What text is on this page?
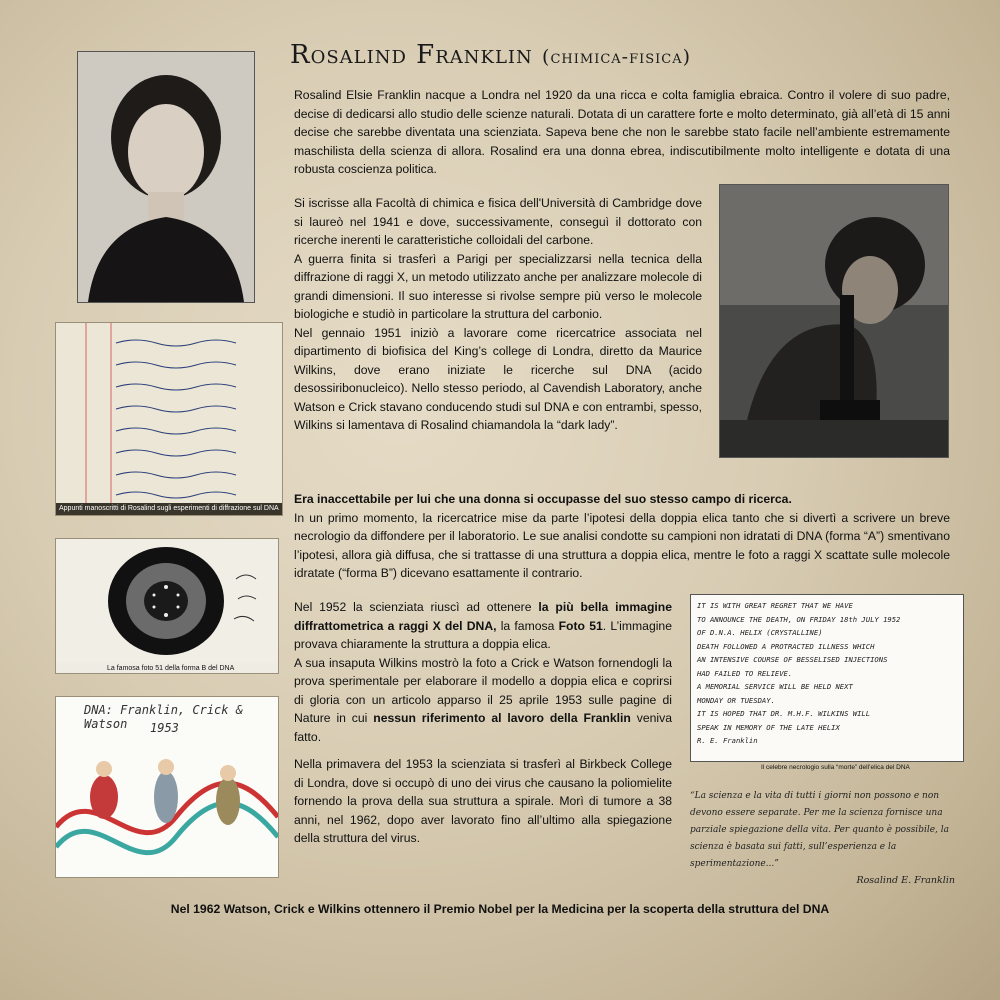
Rosalind Franklin (chimica-fisica)
Rosalind Elsie Franklin nacque a Londra nel 1920 da una ricca e colta famiglia ebraica. Contro il volere di suo padre, decise di dedicarsi allo studio delle scienze naturali. Dotata di un carattere forte e molto determinato, già all’età di 15 anni decise che sarebbe diventata una scienziata. Sapeva bene che non le sarebbe stato facile nell’ambiente estremamente maschilista della scienza di allora. Rosalind era una donna ebrea, indiscutibilmente molto intelligente e dotata di una robusta coscienza politica.
Si iscrisse alla Facoltà di chimica e fisica dell'Università di Cambridge dove si laureò nel 1941 e dove, successivamente, conseguì il dottorato con ricerche inerenti le caratteristiche colloidali del carbone.
A guerra finita si trasferì a Parigi per specializzarsi nella tecnica della diffrazione di raggi X, un metodo utilizzato anche per analizzare molecole di grandi dimensioni. Il suo interesse si rivolse sempre più verso le molecole biologiche e studiò in particolare la struttura del carbonio.
Nel gennaio 1951 iniziò a lavorare come ricercatrice associata nel dipartimento di biofisica del King’s college di Londra, diretto da Maurice Wilkins, dove erano iniziate le ricerche sul DNA (acido desossiribonucleico). Nello stesso periodo, al Cavendish Laboratory, anche Watson e Crick stavano conducendo studi sul DNA e con entrambi, spesso, Wilkins si lamentava di Rosalind chiamandola la “dark lady”.
Appunti manoscritti di Rosalind sugli esperimenti di diffrazione sul DNA
Era inaccettabile per lui che una donna si occupasse del suo stesso campo di ricerca.
In un primo momento, la ricercatrice mise da parte l’ipotesi della doppia elica tanto che si divertì a scrivere un breve necrologio da diffondere per il laboratorio. Le sue analisi condotte su campioni non idratati di DNA (forma “A”) smentivano l’ipotesi, allora già diffusa, che si trattasse di una struttura a doppia elica, mentre le foto a raggi X scattate sulle molecole idratate (“forma B”) dicevano esattamente il contrario.
La famosa foto 51 della forma B del DNA
Nel 1952 la scienziata riuscì ad ottenere la più bella immagine diffrattometrica a raggi X del DNA, la famosa Foto 51. L’immagine provava chiaramente la struttura a doppia elica.
A sua insaputa Wilkins mostrò la foto a Crick e Watson fornendogli la prova sperimentale per elaborare il modello a doppia elica e coprirsi di gloria con un articolo apparso il 25 aprile 1953 sulle pagine di Nature in cui nessun riferimento al lavoro della Franklin veniva fatto.
IT IS WITH GREAT REGRET THAT WE HAVE
TO ANNOUNCE THE DEATH, ON FRIDAY 18th JULY 1952
OF D.N.A. HELIX (CRYSTALLINE)
DEATH FOLLOWED A PROTRACTED ILLNESS WHICH
AN INTENSIVE COURSE OF BESSELISED INJECTIONS
HAD FAILED TO RELIEVE.
A MEMORIAL SERVICE WILL BE HELD NEXT
MONDAY OR TUESDAY.
IT IS HOPED THAT DR. M.H.F. WILKINS WILL
SPEAK IN MEMORY OF THE LATE HELIX
R. E. Franklin
Il celebre necrologio sulla “morte” dell’elica del DNA
DNA: Franklin, Crick & Watson	1953
Nella primavera del 1953 la scienziata si trasferì al Birkbeck College di Londra, dove si occupò di uno dei virus che causano la poliomielite fornendo la prova della sua struttura a spirale. Morì di tumore a 38 anni, nel 1962, dopo aver lavorato fino all’ultimo alla spiegazione della struttura del virus.
“La scienza e la vita di tutti i giorni non possono e non devono essere separate. Per me la scienza fornisce una parziale spiegazione della vita. Per quanto è possibile, la scienza è basata sui fatti, sull’esperienza e la sperimentazione...”
Rosalind E. Franklin
Nel 1962 Watson, Crick e Wilkins ottennero il Premio Nobel per la Medicina per la scoperta della struttura del DNA
